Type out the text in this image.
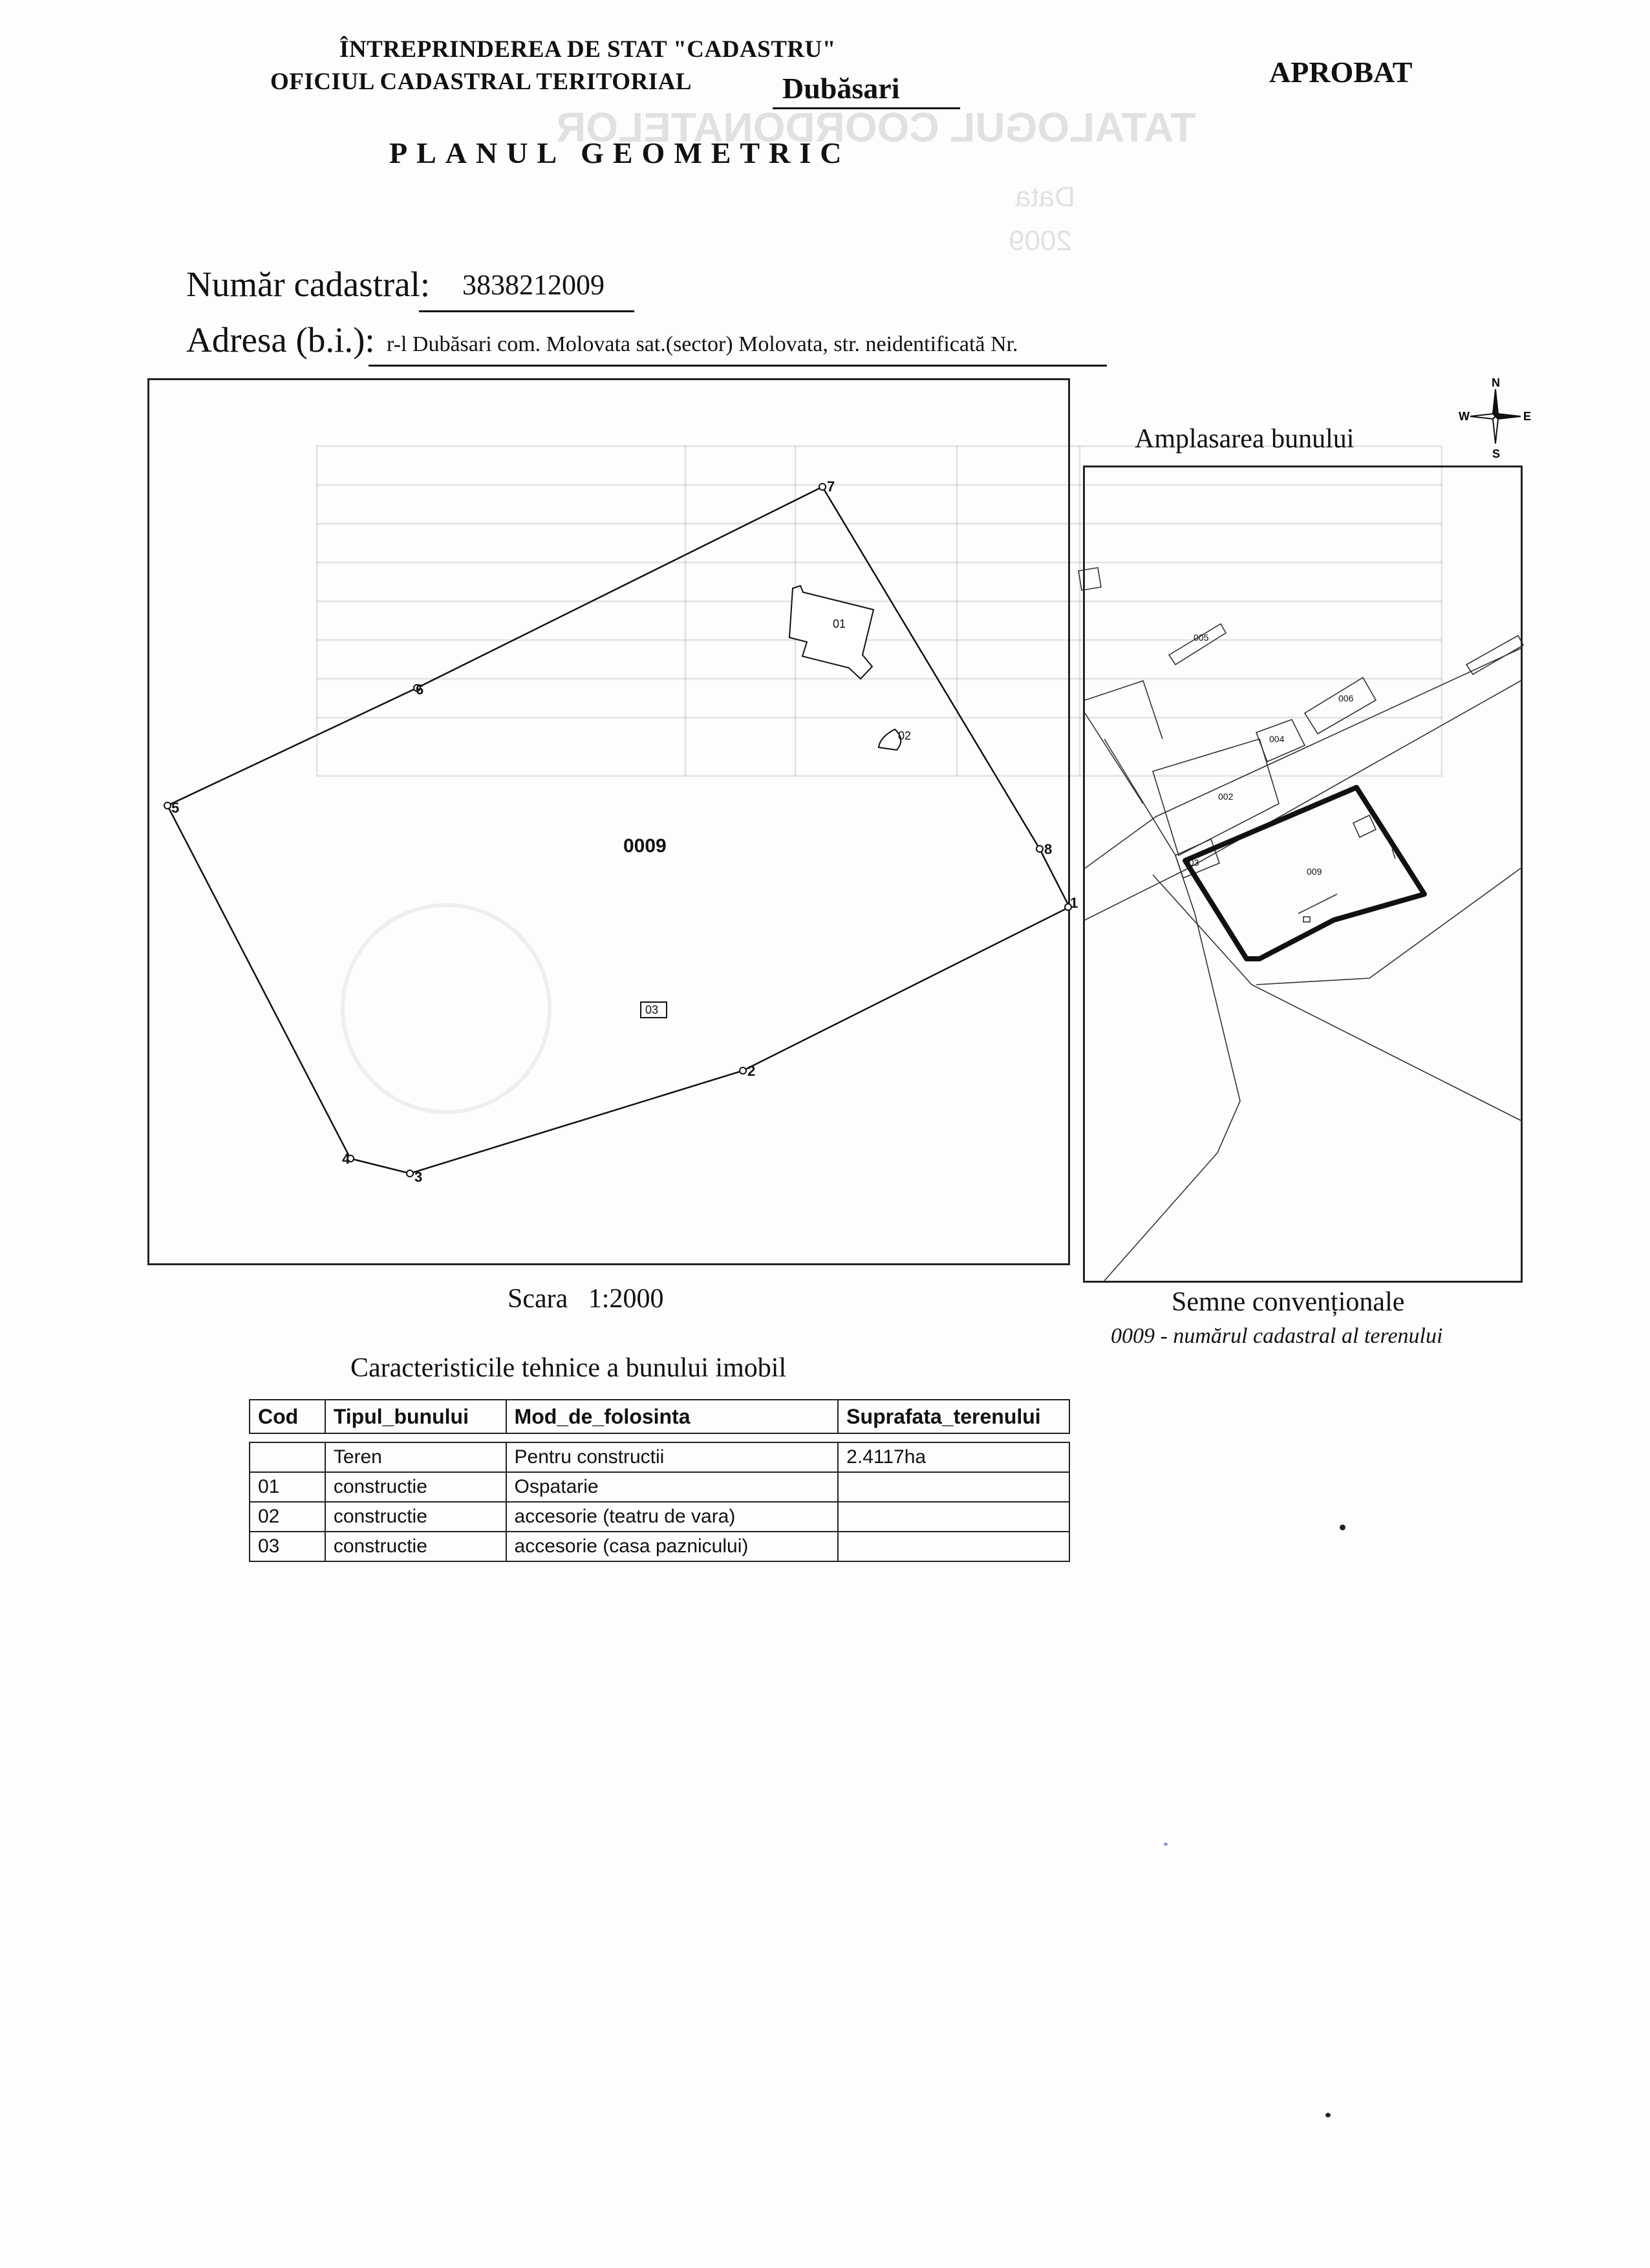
TATALOGUL COORDONATELOR
Data
2009
ÎNTREPRINDEREA DE STAT "CADASTRU"
OFICIUL CADASTRAL TERITORIAL	Dubăsari	APROBAT
PLANUL GEOMETRIC
Număr cadastral: 3838212009
Adresa (b.i.): r-l Dubăsari com. Molovata sat.(sector) Molovata, str. neidentificată Nr.
1
2
3
4
5
6
7
8
0009
01
02
03
Scara 1:2000
Amplasarea bunului
N
S
E
W
002
003
004
005
006
009
Semne convenționale
0009 - numărul cadastral al terenului
Caracteristicile tehnice a bunului imobil
Cod	Tipul_bunului	Mod_de_folosinta	Suprafata_terenului

	Teren	Pentru constructii	2.4117ha
01	constructie	Ospatarie	
02	constructie	accesorie (teatru de vara)	
03	constructie	accesorie (casa paznicului)	
